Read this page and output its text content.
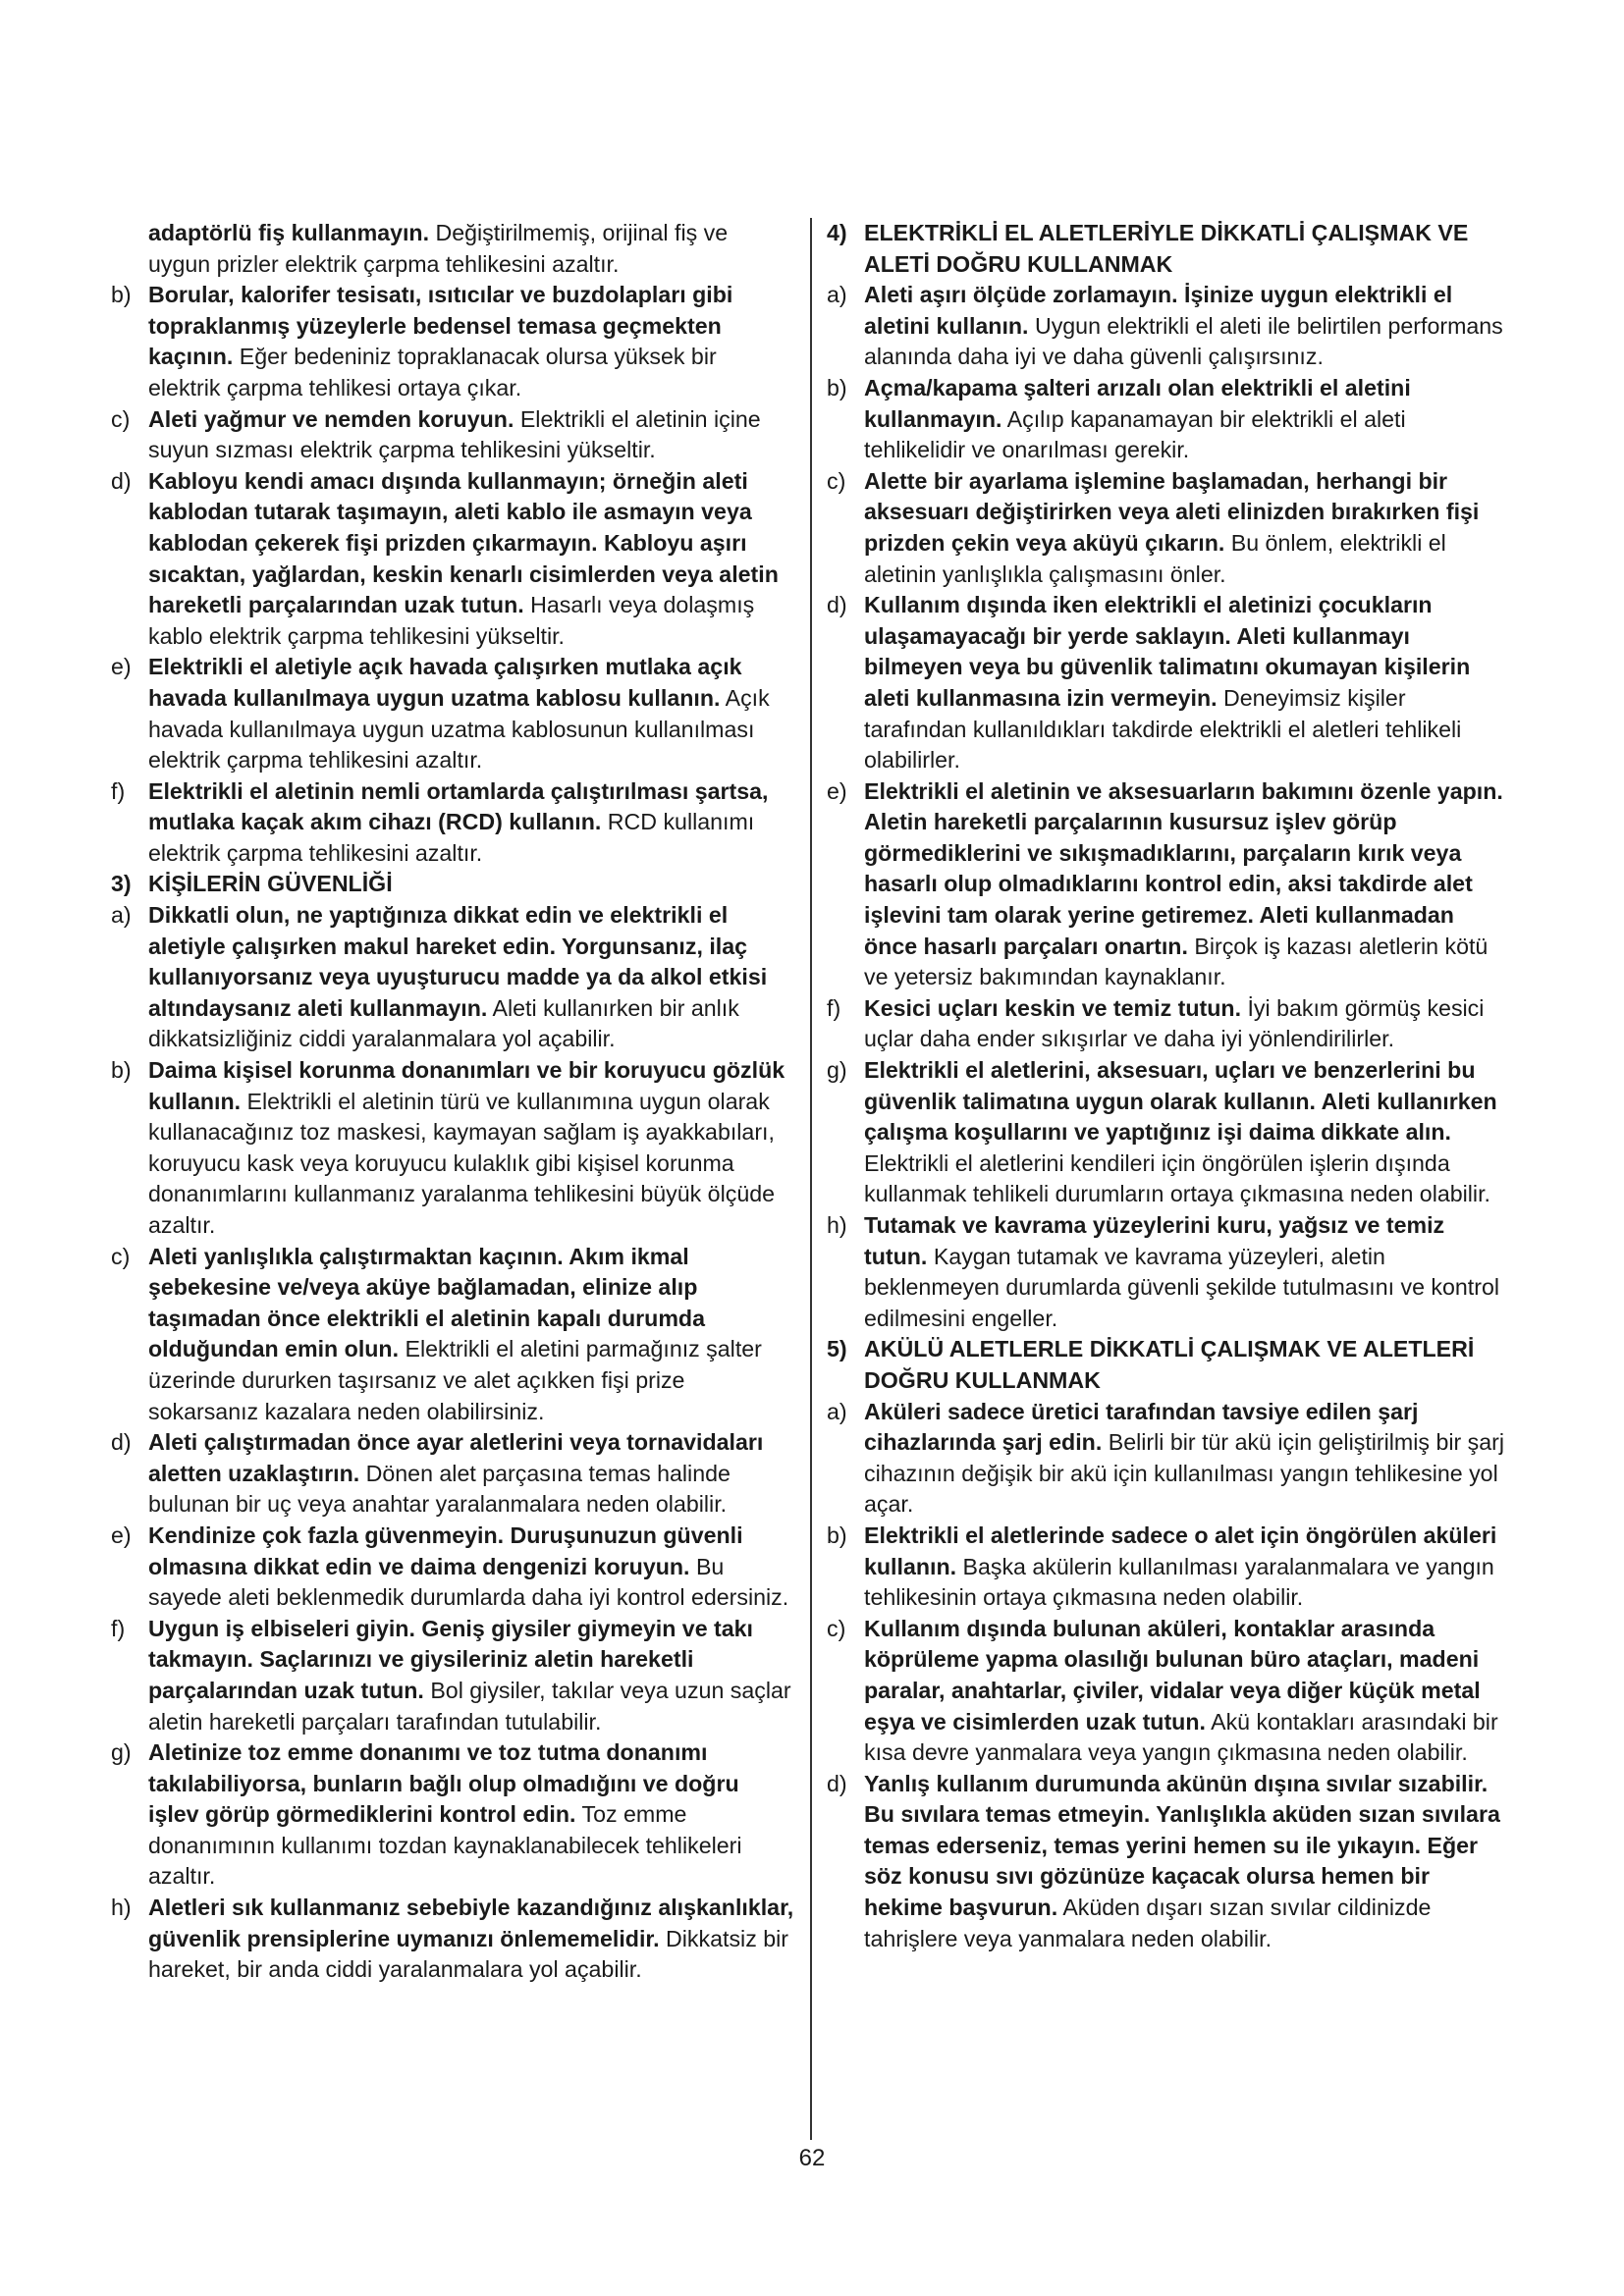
adaptörlü fiş kullanmayın. Değiştirilmemiş, orijinal fiş ve uygun prizler elektrik çarpma tehlikesini azaltır.
b) Borular, kalorifer tesisatı, ısıtıcılar ve buzdolapları gibi topraklanmış yüzeylerle bedensel temasa geçmekten kaçının. Eğer bedeniniz topraklanacak olursa yüksek bir elektrik çarpma tehlikesi ortaya çıkar.
c) Aleti yağmur ve nemden koruyun. Elektrikli el aletinin içine suyun sızması elektrik çarpma tehlikesini yükseltir.
d) Kabloyu kendi amacı dışında kullanmayın; örneğin aleti kablodan tutarak taşımayın, aleti kablo ile asmayın veya kablodan çekerek fişi prizden çıkarmayın. Kabloyu aşırı sıcaktan, yağlardan, keskin kenarlı cisimlerden veya aletin hareketli parçalarından uzak tutun. Hasarlı veya dolaşmış kablo elektrik çarpma tehlikesini yükseltir.
e) Elektrikli el aletiyle açık havada çalışırken mutlaka açık havada kullanılmaya uygun uzatma kablosu kullanın. Açık havada kullanılmaya uygun uzatma kablosunun kullanılması elektrik çarpma tehlikesini azaltır.
f) Elektrikli el aletinin nemli ortamlarda çalıştırılması şartsa, mutlaka kaçak akım cihazı (RCD) kullanın. RCD kullanımı elektrik çarpma tehlikesini azaltır.
3) KİŞİLERİN GÜVENLİĞİ
a) Dikkatli olun, ne yaptığınıza dikkat edin ve elektrikli el aletiyle çalışırken makul hareket edin. Yorgunsanız, ilaç kullanıyorsanız veya uyuşturucu madde ya da alkol etkisi altındaysanız aleti kullanmayın. Aleti kullanırken bir anlık dikkatsizliğiniz ciddi yaralanmalara yol açabilir.
b) Daima kişisel korunma donanımları ve bir koruyucu gözlük kullanın. Elektrikli el aletinin türü ve kullanımına uygun olarak kullanacağınız toz maskesi, kaymayan sağlam iş ayakkabıları, koruyucu kask veya koruyucu kulaklık gibi kişisel korunma donanımlarını kullanmanız yaralanma tehlikesini büyük ölçüde azaltır.
c) Aleti yanlışlıkla çalıştırmaktan kaçının. Akım ikmal şebekesine ve/veya aküye bağlamadan, elinize alıp taşımadan önce elektrikli el aletinin kapalı durumda olduğundan emin olun. Elektrikli el aletini parmağınız şalter üzerinde dururken taşırsanız ve alet açıkken fişi prize sokarsanız kazalara neden olabilirsiniz.
d) Aleti çalıştırmadan önce ayar aletlerini veya tornavidaları aletten uzaklaştırın. Dönen alet parçasına temas halinde bulunan bir uç veya anahtar yaralanmalara neden olabilir.
e) Kendinize çok fazla güvenmeyin. Duruşunuzun güvenli olmasına dikkat edin ve daima dengenizi koruyun. Bu sayede aleti beklenmedik durumlarda daha iyi kontrol edersiniz.
f) Uygun iş elbiseleri giyin. Geniş giysiler giymeyin ve takı takmayın. Saçlarınızı ve giysileriniz aletin hareketli parçalarından uzak tutun. Bol giysiler, takılar veya uzun saçlar aletin hareketli parçaları tarafından tutulabilir.
g) Aletinize toz emme donanımı ve toz tutma donanımı takılabiliyorsa, bunların bağlı olup olmadığını ve doğru işlev görüp görmediklerini kontrol edin. Toz emme donanımının kullanımı tozdan kaynaklanabilecek tehlikeleri azaltır.
h) Aletleri sık kullanmanız sebebiyle kazandığınız alışkanlıklar, güvenlik prensiplerine uymanızı önlememelidir. Dikkatsiz bir hareket, bir anda ciddi yaralanmalara yol açabilir.
4) ELEKTRİKLİ EL ALETLERİYLE DİKKATLİ ÇALIŞMAK VE ALETİ DOĞRU KULLANMAK
a) Aleti aşırı ölçüde zorlamayın. İşinize uygun elektrikli el aletini kullanın. Uygun elektrikli el aleti ile belirtilen performans alanında daha iyi ve daha güvenli çalışırsınız.
b) Açma/kapama şalteri arızalı olan elektrikli el aletini kullanmayın. Açılıp kapanamayan bir elektrikli el aleti tehlikelidir ve onarılması gerekir.
c) Alette bir ayarlama işlemine başlamadan, herhangi bir aksesuarı değiştirirken veya aleti elinizden bırakırken fişi prizden çekin veya aküyü çıkarın. Bu önlem, elektrikli el aletinin yanlışlıkla çalışmasını önler.
d) Kullanım dışında iken elektrikli el aletinizi çocukların ulaşamayacağı bir yerde saklayın. Aleti kullanmayı bilmeyen veya bu güvenlik talimatını okumayan kişilerin aleti kullanmasına izin vermeyin. Deneyimsiz kişiler tarafından kullanıldıkları takdirde elektrikli el aletleri tehlikeli olabilirler.
e) Elektrikli el aletinin ve aksesuarların bakımını özenle yapın. Aletin hareketli parçalarının kusursuz işlev görüp görmediklerini ve sıkışmadıklarını, parçaların kırık veya hasarlı olup olmadıklarını kontrol edin, aksi takdirde alet işlevini tam olarak yerine getiremez. Aleti kullanmadan önce hasarlı parçaları onartın. Birçok iş kazası aletlerin kötü ve yetersiz bakımından kaynaklanır.
f) Kesici uçları keskin ve temiz tutun. İyi bakım görmüş kesici uçlar daha ender sıkışırlar ve daha iyi yönlendirilirler.
g) Elektrikli el aletlerini, aksesuarı, uçları ve benzerlerini bu güvenlik talimatına uygun olarak kullanın. Aleti kullanırken çalışma koşullarını ve yaptığınız işi daima dikkate alın. Elektrikli el aletlerini kendileri için öngörülen işlerin dışında kullanmak tehlikeli durumların ortaya çıkmasına neden olabilir.
h) Tutamak ve kavrama yüzeylerini kuru, yağsız ve temiz tutun. Kaygan tutamak ve kavrama yüzeyleri, aletin beklenmeyen durumlarda güvenli şekilde tutulmasını ve kontrol edilmesini engeller.
5) AKÜLÜ ALETLERLE DİKKATLİ ÇALIŞMAK VE ALETLERİ DOĞRU KULLANMAK
a) Aküleri sadece üretici tarafından tavsiye edilen şarj cihazlarında şarj edin. Belirli bir tür akü için geliştirilmiş bir şarj cihazının değişik bir akü için kullanılması yangın tehlikesine yol açar.
b) Elektrikli el aletlerinde sadece o alet için öngörülen aküleri kullanın. Başka akülerin kullanılması yaralanmalara ve yangın tehlikesinin ortaya çıkmasına neden olabilir.
c) Kullanım dışında bulunan aküleri, kontaklar arasında köprüleme yapma olasılığı bulunan büro ataçları, madeni paralar, anahtarlar, çiviler, vidalar veya diğer küçük metal eşya ve cisimlerden uzak tutun. Akü kontakları arasındaki bir kısa devre yanmalara veya yangın çıkmasına neden olabilir.
d) Yanlış kullanım durumunda akünün dışına sıvılar sızabilir. Bu sıvılara temas etmeyin. Yanlışlıkla aküden sızan sıvılara temas ederseniz, temas yerini hemen su ile yıkayın. Eğer söz konusu sıvı gözünüze kaçacak olursa hemen bir hekime başvurun. Aküden dışarı sızan sıvılar cildinizde tahrişlere veya yanmalara neden olabilir.
62
